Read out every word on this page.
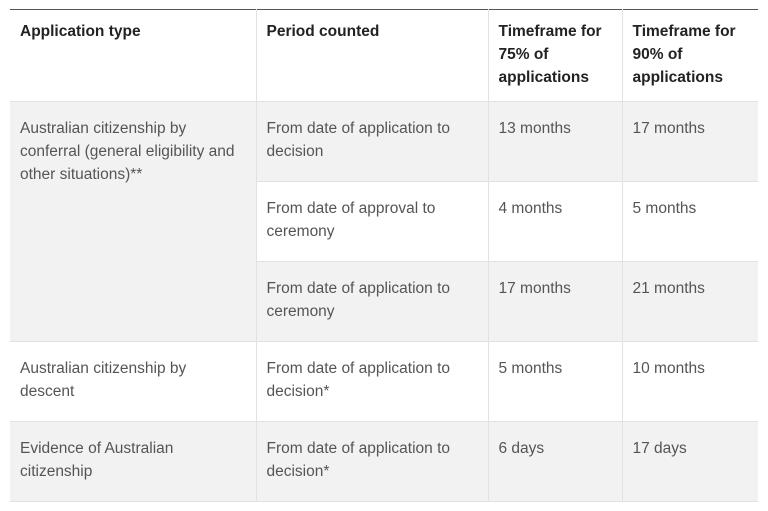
Application type	Period counted	Timeframe for 75% of applications	Timeframe for 90% of applications
Australian citizenship by conferral (general eligibility and other situations)**	From date of application to decision	13 months	17 months
	From date of approval to ceremony	4 months	5 months
	From date of application to ceremony	17 months	21 months
Australian citizenship by descent	From date of application to decision*	5 months	10 months
Evidence of Australian citizenship	From date of application to decision*	6 days	17 days
